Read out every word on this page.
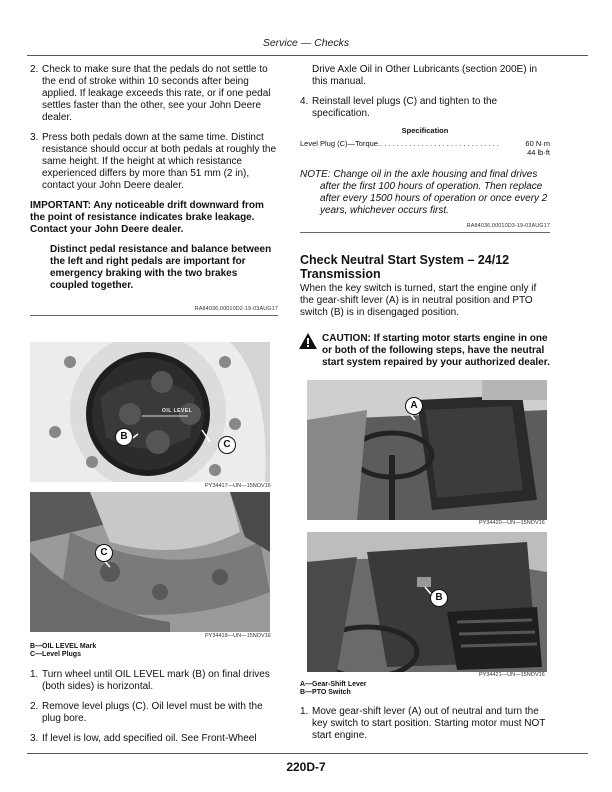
Service — Checks
2. Check to make sure that the pedals do not settle to the end of stroke within 10 seconds after being applied. If leakage exceeds this rate, or if one pedal settles faster than the other, see your John Deere dealer.
3. Press both pedals down at the same time. Distinct resistance should occur at both pedals at roughly the same height. If the height at which resistance experienced differs by more than 51 mm (2 in), contact your John Deere dealer.
IMPORTANT: Any noticeable drift downward from the point of resistance indicates brake leakage. Contact your John Deere dealer.
Distinct pedal resistance and balance between the left and right pedals are important for emergency braking with the two brakes coupled together.
RA84036,00010D2-19-03AUG17
OIL LEVEL
B
C
PY34417—UN—15NOV16
C
PY34418—UN—15NOV16
B—OIL LEVEL Mark
C—Level Plugs
1. Turn wheel until OIL LEVEL mark (B) on final drives (both sides) is horizontal.
2. Remove level plugs (C). Oil level must be with the plug bore.
3. If level is low, add specified oil. See Front-Wheel
Drive Axle Oil in Other Lubricants (section 200E) in this manual.
4. Reinstall level plugs (C) and tighten to the specification.
Specification
Level Plug (C)—Torque. . . . . . . . . . . . . . . . . . . . . . . . . . . . . .	60 N·m
44 lb·ft
NOTE: Change oil in the axle housing and final drives
after the first 100 hours of operation. Then replace after every 1500 hours of operation or once every 2 years, whichever occurs first.
RA84036,00010D3-19-03AUG17
Check Neutral Start System – 24/12 Transmission
When the key switch is turned, start the engine only if the gear-shift lever (A) is in neutral position and PTO switch (B) is in disengaged position.
CAUTION: If starting motor starts engine in one or both of the following steps, have the neutral start system repaired by your authorized dealer.
A
PY34420—UN—15NOV16
B
PY34421—UN—15NOV16
A—Gear-Shift Lever
B—PTO Switch
1. Move gear-shift lever (A) out of neutral and turn the key switch to start position. Starting motor must NOT start engine.
220D-7
